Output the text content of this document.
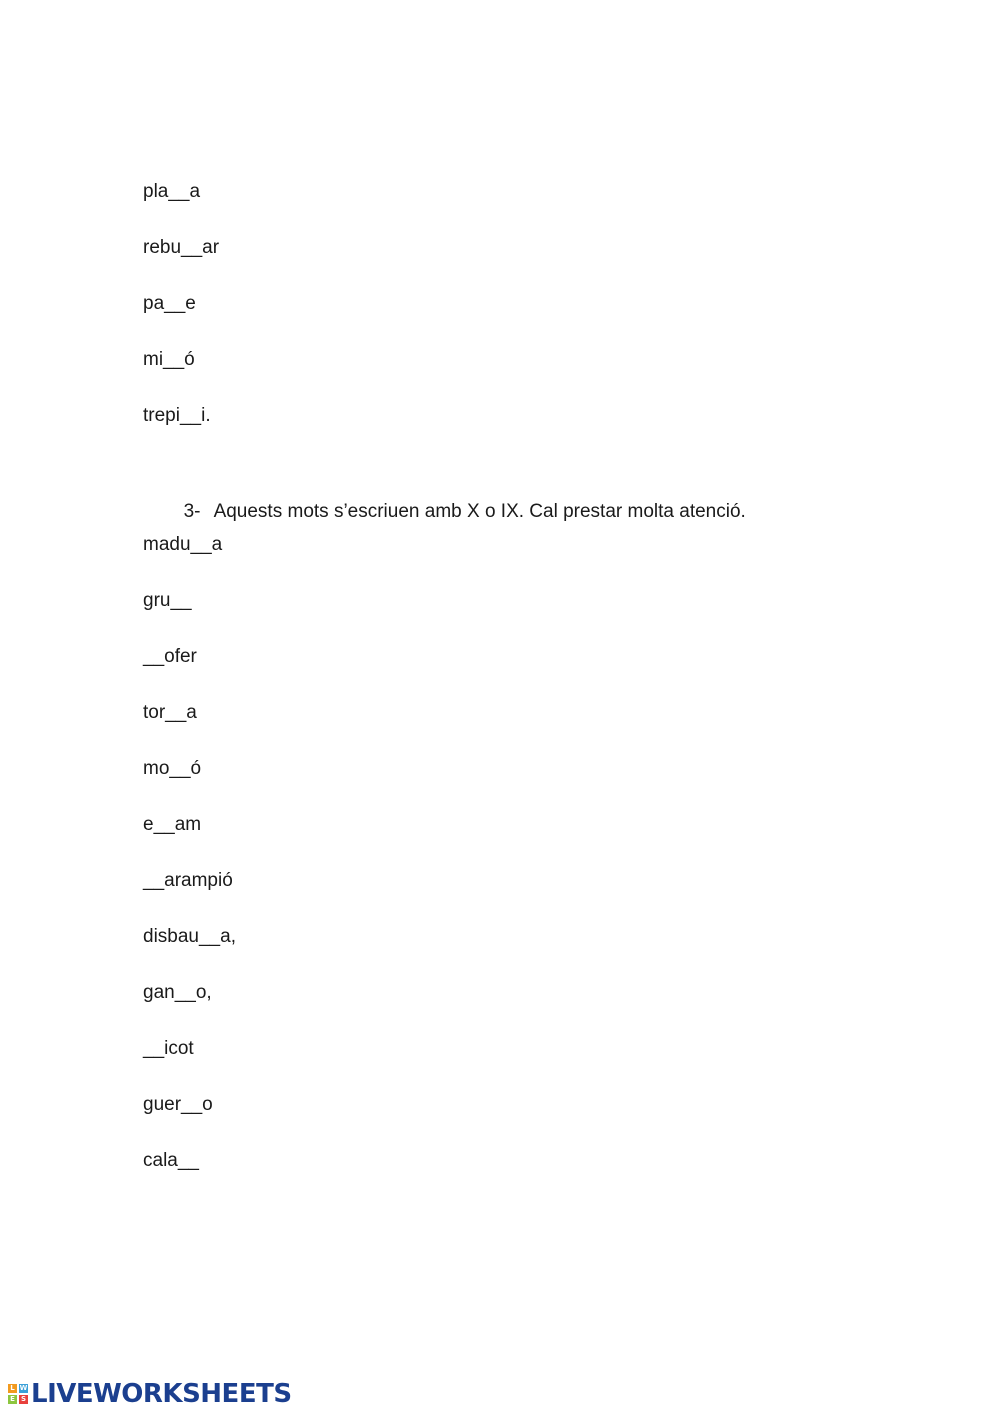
pla__a
rebu__ar
pa__e
mi__ó
trepi__i.

3- Aquests mots s’escriuen amb X o IX. Cal prestar molta atenció.

madu__a
gru__
__ofer
tor__a
mo__ó
e__am
__arampió
disbau__a,
gan__o,
__icot
guer__o
cala__
L W
E S LIVEWORKSHEETS
